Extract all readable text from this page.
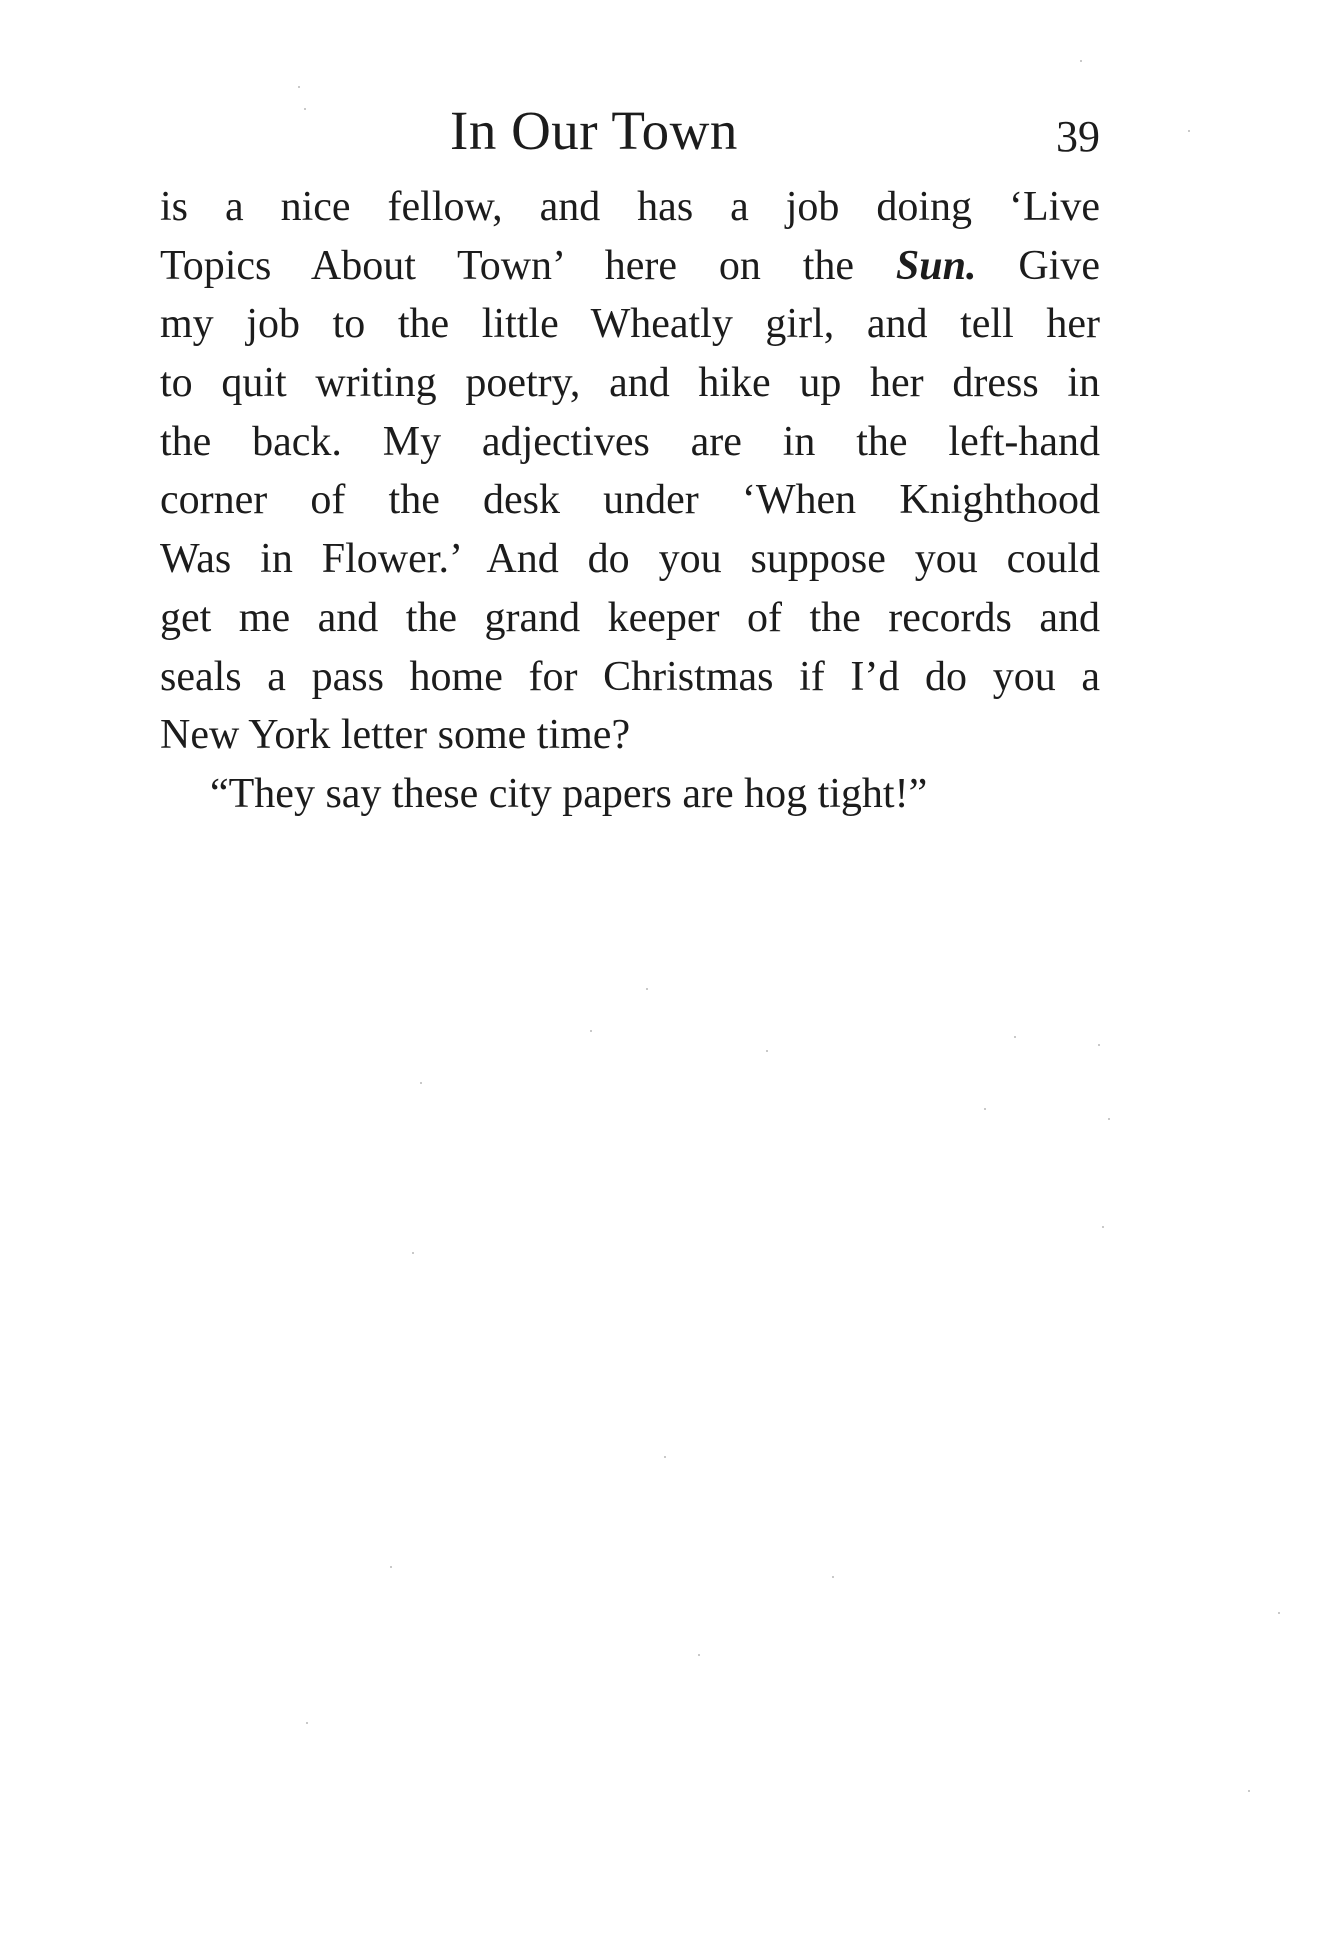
In Our Town	39
is a nice fellow, and has a job doing ‘Live
Topics About Town’ here on the Sun. Give
my job to the little Wheatly girl, and tell her
to quit writing poetry, and hike up her dress in
the back. My adjectives are in the left-hand
corner of the desk under ‘When Knighthood
Was in Flower.’ And do you suppose you could
get me and the grand keeper of the records and
seals a pass home for Christmas if I’d do you a
New York letter some time?
“They say these city papers are hog tight!”
